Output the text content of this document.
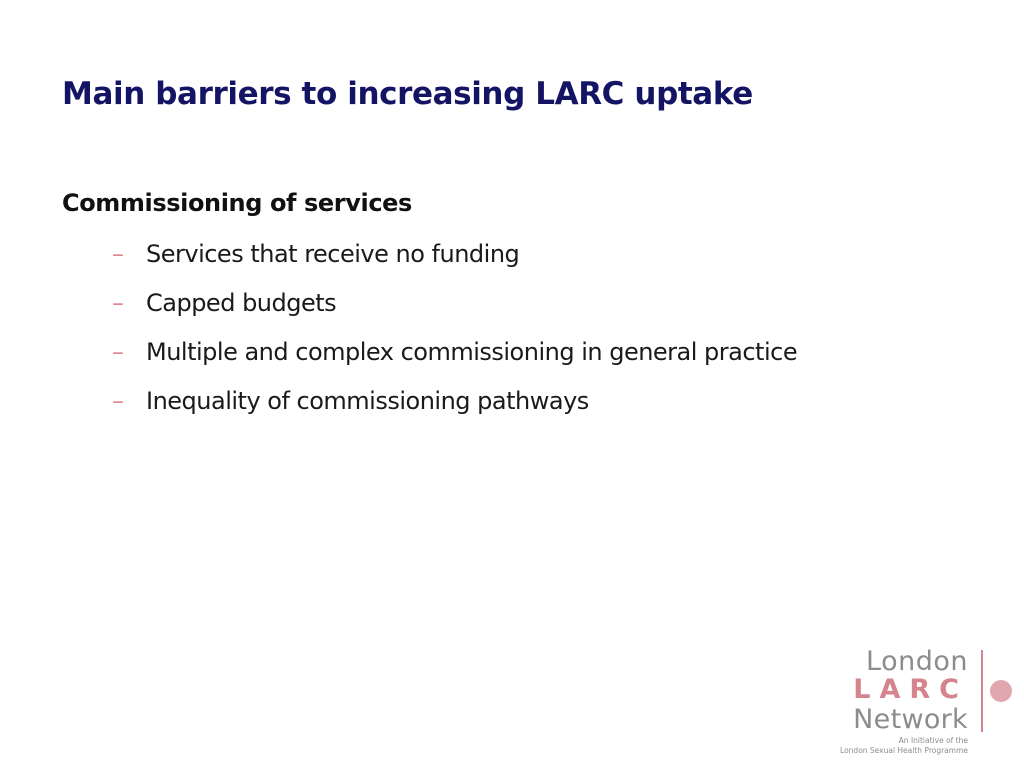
Main barriers to increasing LARC uptake
Commissioning of services
– Services that receive no funding
– Capped budgets
– Multiple and complex commissioning in general practice
– Inequality of commissioning pathways
London
LARC
Network
An Initiative of the
London Sexual Health Programme
